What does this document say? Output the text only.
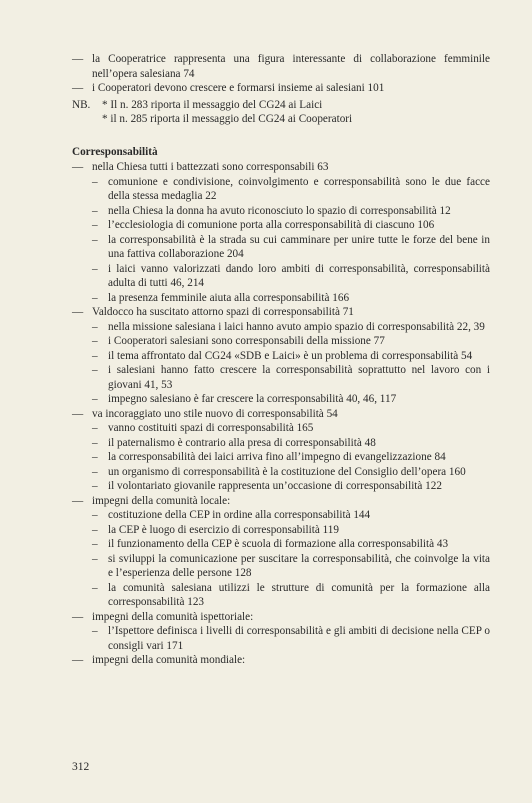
— la Cooperatrice rappresenta una figura interessante di collaborazione femminile nell’opera salesiana 74
— i Cooperatori devono crescere e formarsi insieme ai salesiani 101
NB.	* Il n. 283 riporta il messaggio del CG24 ai Laici
* il n. 285 riporta il messaggio del CG24 ai Cooperatori
Corresponsabilità
— nella Chiesa tutti i battezzati sono corresponsabili 63
– comunione e condivisione, coinvolgimento e corresponsabilità sono le due facce della stessa medaglia 22
– nella Chiesa la donna ha avuto riconosciuto lo spazio di corresponsabilità 12
– l’ecclesiologia di comunione porta alla corresponsabilità di ciascuno 106
– la corresponsabilità è la strada su cui camminare per unire tutte le forze del bene in una fattiva collaborazione 204
– i laici vanno valorizzati dando loro ambiti di corresponsabilità, corresponsabilità adulta di tutti 46, 214
– la presenza femminile aiuta alla corresponsabilità 166
— Valdocco ha suscitato attorno spazi di corresponsabilità 71
– nella missione salesiana i laici hanno avuto ampio spazio di corresponsabilità 22, 39
– i Cooperatori salesiani sono corresponsabili della missione 77
– il tema affrontato dal CG24 «SDB e Laici» è un problema di corresponsabilità 54
– i salesiani hanno fatto crescere la corresponsabilità soprattutto nel lavoro con i giovani 41, 53
– impegno salesiano è far crescere la corresponsabilità 40, 46, 117
— va incoraggiato uno stile nuovo di corresponsabilità 54
– vanno costituiti spazi di corresponsabilità 165
– il paternalismo è contrario alla presa di corresponsabilità 48
– la corresponsabilità dei laici arriva fino all’impegno di evangelizzazione 84
– un organismo di corresponsabilità è la costituzione del Consiglio dell’opera 160
– il volontariato giovanile rappresenta un’occasione di corresponsabilità 122
— impegni della comunità locale:
– costituzione della CEP in ordine alla corresponsabilità 144
– la CEP è luogo di esercizio di corresponsabilità 119
– il funzionamento della CEP è scuola di formazione alla corresponsabilità 43
– si sviluppi la comunicazione per suscitare la corresponsabilità, che coinvolge la vita e l’esperienza delle persone 128
– la comunità salesiana utilizzi le strutture di comunità per la formazione alla corresponsabilità 123
— impegni della comunità ispettoriale:
– l’Ispettore definisca i livelli di corresponsabilità e gli ambiti di decisione nella CEP o consigli vari 171
— impegni della comunità mondiale:
312
